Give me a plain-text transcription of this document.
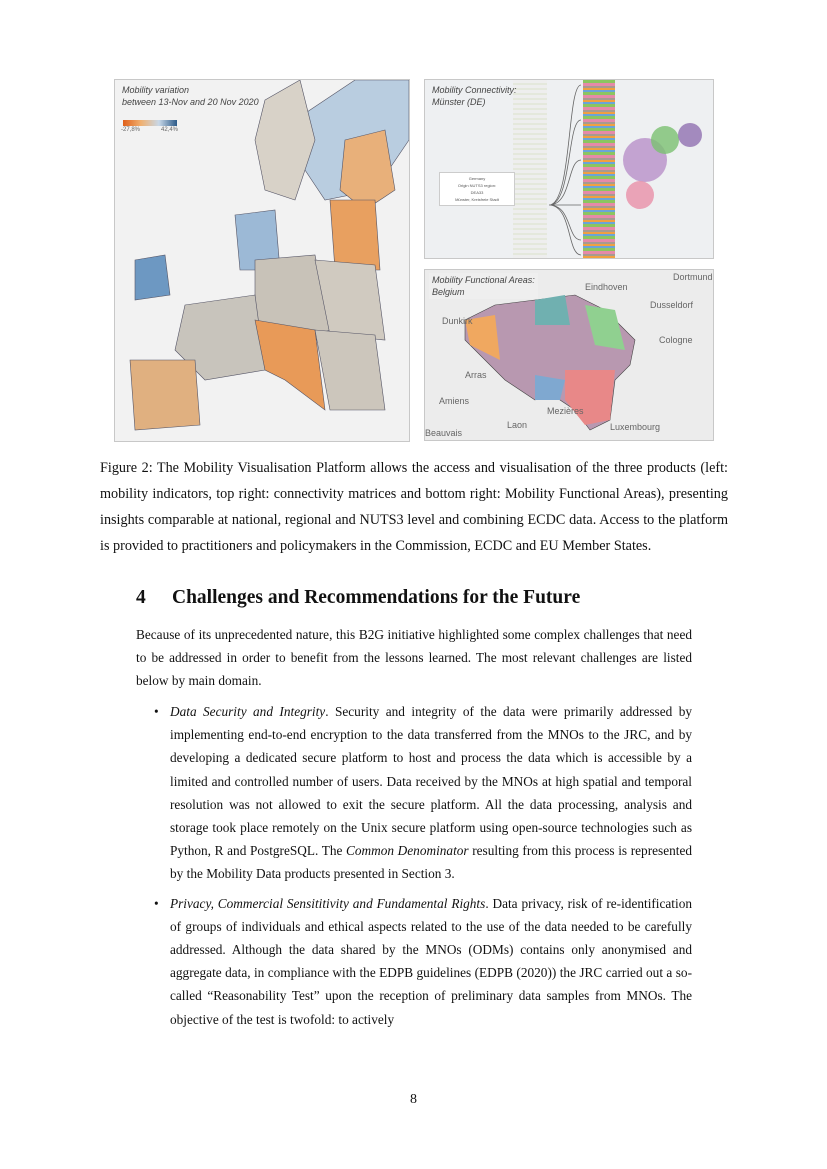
Mobility variation
between 13-Nov and 20 Nov 2020
-27,8%	42,4%
Mobility Connectivity:
Münster (DE)
Germany
Origin NUTS3 region:
DEA33
Münster, Kreisfreie Stadt
Mobility Functional Areas:
Belgium	Eindhoven
Dortmund
Dusseldorf
Dunkirk
Cologne
Arras
Amiens
Laon
Mezières
Luxembourg
Beauvais
Figure 2: The Mobility Visualisation Platform allows the access and visualisation of the three products (left: mobility indicators, top right: connectivity matrices and bottom right: Mobility Functional Areas), presenting insights comparable at national, regional and NUTS3 level and combining ECDC data. Access to the platform is provided to practitioners and policymakers in the Commission, ECDC and EU Member States.
4 Challenges and Recommendations for the Future
Because of its unprecedented nature, this B2G initiative highlighted some complex challenges that need to be addressed in order to benefit from the lessons learned. The most relevant challenges are listed below by main domain.
• Data Security and Integrity. Security and integrity of the data were primarily addressed by implementing end-to-end encryption to the data transferred from the MNOs to the JRC, and by developing a dedicated secure platform to host and process the data which is accessible by a limited and controlled number of users. Data received by the MNOs at high spatial and temporal resolution was not allowed to exit the secure platform. All the data processing, analysis and storage took place remotely on the Unix secure platform using open-source technologies such as Python, R and PostgreSQL. The Common Denominator resulting from this process is represented by the Mobility Data products presented in Section 3.
• Privacy, Commercial Sensititivity and Fundamental Rights. Data privacy, risk of re-identification of groups of individuals and ethical aspects related to the use of the data needed to be carefully addressed. Although the data shared by the MNOs (ODMs) contains only anonymised and aggregate data, in compliance with the EDPB guidelines (EDPB (2020)) the JRC carried out a so-called “Reasonability Test” upon the reception of preliminary data samples from MNOs. The objective of the test is twofold: to actively
8
